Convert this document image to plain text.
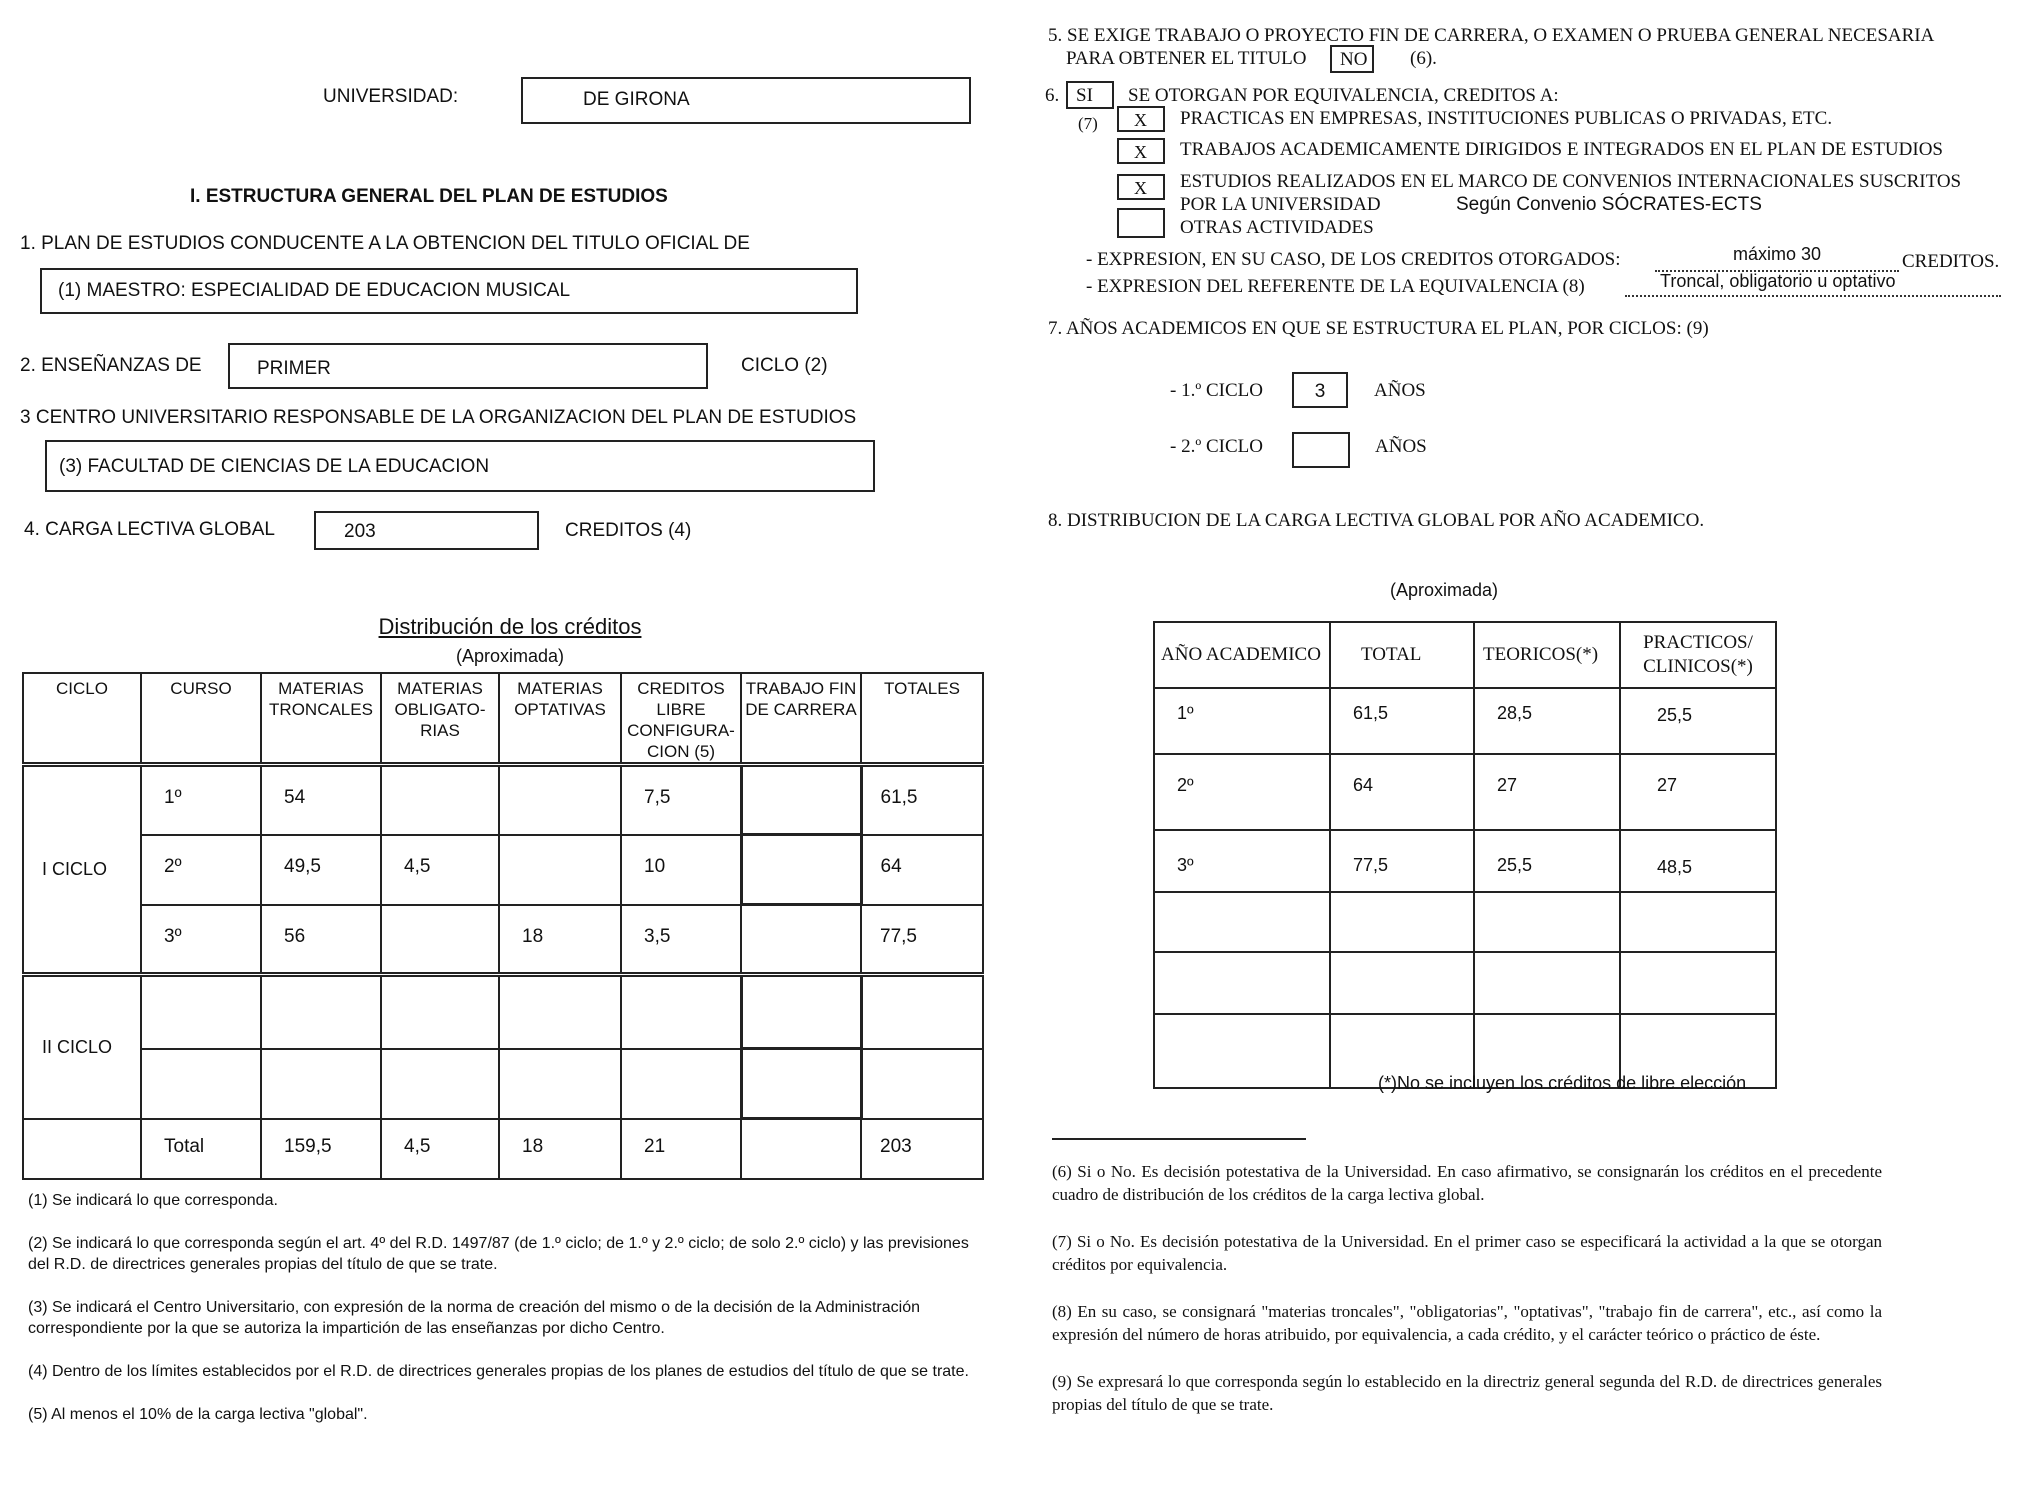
UNIVERSIDAD:	DE GIRONA
I. ESTRUCTURA GENERAL DEL PLAN DE ESTUDIOS
1. PLAN DE ESTUDIOS CONDUCENTE A LA OBTENCION DEL TITULO OFICIAL DE
(1) MAESTRO: ESPECIALIDAD DE EDUCACION MUSICAL
2. ENSEÑANZAS DE	PRIMER	CICLO (2)
3 CENTRO UNIVERSITARIO RESPONSABLE DE LA ORGANIZACION DEL PLAN DE ESTUDIOS
(3) FACULTAD DE CIENCIAS DE LA EDUCACION
4. CARGA LECTIVA GLOBAL	203	CREDITOS (4)
Distribución de los créditos
(Aproximada)
CICLO	CURSO	MATERIAS TRONCALES	MATERIAS OBLIGATO-RIAS	MATERIAS OPTATIVAS	CREDITOS LIBRE CONFIGURA-CION (5)	TRABAJO FIN DE CARRERA	TOTALES

I CICLO	1º	54			7,5		61,5

	2º	49,5	4,5		10		64

	3º	56		18	3,5		77,5

II CICLO							

	Total	159,5	4,5	18	21		203
(1) Se indicará lo que corresponda.
(2) Se indicará lo que corresponda según el art. 4º del R.D. 1497/87 (de 1.º ciclo; de 1.º y 2.º ciclo; de solo 2.º ciclo) y las previsiones del R.D. de directrices generales propias del título de que se trate.
(3) Se indicará el Centro Universitario, con expresión de la norma de creación del mismo o de la decisión de la Administración correspondiente por la que se autoriza la impartición de las enseñanzas por dicho Centro.
(4) Dentro de los límites establecidos por el R.D. de directrices generales propias de los planes de estudios del título de que se trate.
(5) Al menos el 10% de la carga lectiva "global".
5. SE EXIGE TRABAJO O PROYECTO FIN DE CARRERA, O EXAMEN O PRUEBA GENERAL NECESARIA
PARA OBTENER EL TITULO NO (6).
6. SI SE OTORGAN POR EQUIVALENCIA, CREDITOS A:
(7) X PRACTICAS EN EMPRESAS, INSTITUCIONES PUBLICAS O PRIVADAS, ETC.
X TRABAJOS ACADEMICAMENTE DIRIGIDOS E INTEGRADOS EN EL PLAN DE ESTUDIOS
X ESTUDIOS REALIZADOS EN EL MARCO DE CONVENIOS INTERNACIONALES SUSCRITOS
POR LA UNIVERSIDAD	Según Convenio SÓCRATES-ECTS
OTRAS ACTIVIDADES
- EXPRESION, EN SU CASO, DE LOS CREDITOS OTORGADOS:	máximo 30	CREDITOS.
- EXPRESION DEL REFERENTE DE LA EQUIVALENCIA (8)	Troncal, obligatorio u optativo
7. AÑOS ACADEMICOS EN QUE SE ESTRUCTURA EL PLAN, POR CICLOS: (9)
- 1.º CICLO	3	AÑOS
- 2.º CICLO	AÑOS
8. DISTRIBUCION DE LA CARGA LECTIVA GLOBAL POR AÑO ACADEMICO.
(Aproximada)
AÑO ACADEMICO	TOTAL	TEORICOS(*)	PRACTICOS/ CLINICOS(*)

1º	61,5	28,5	25,5

2º	64	27	27

3º	77,5	25,5	48,5

(*)No se incluyen los créditos de libre elección
(6) Si o No. Es decisión potestativa de la Universidad. En caso afirmativo, se consignarán los créditos en el precedente cuadro de distribución de los créditos de la carga lectiva global.
(7) Si o No. Es decisión potestativa de la Universidad. En el primer caso se especificará la actividad a la que se otorgan créditos por equivalencia.
(8) En su caso, se consignará "materias troncales", "obligatorias", "optativas", "trabajo fin de carrera", etc., así como la expresión del número de horas atribuido, por equivalencia, a cada crédito, y el carácter teórico o práctico de éste.
(9) Se expresará lo que corresponda según lo establecido en la directriz general segunda del R.D. de directrices generales propias del título de que se trate.
